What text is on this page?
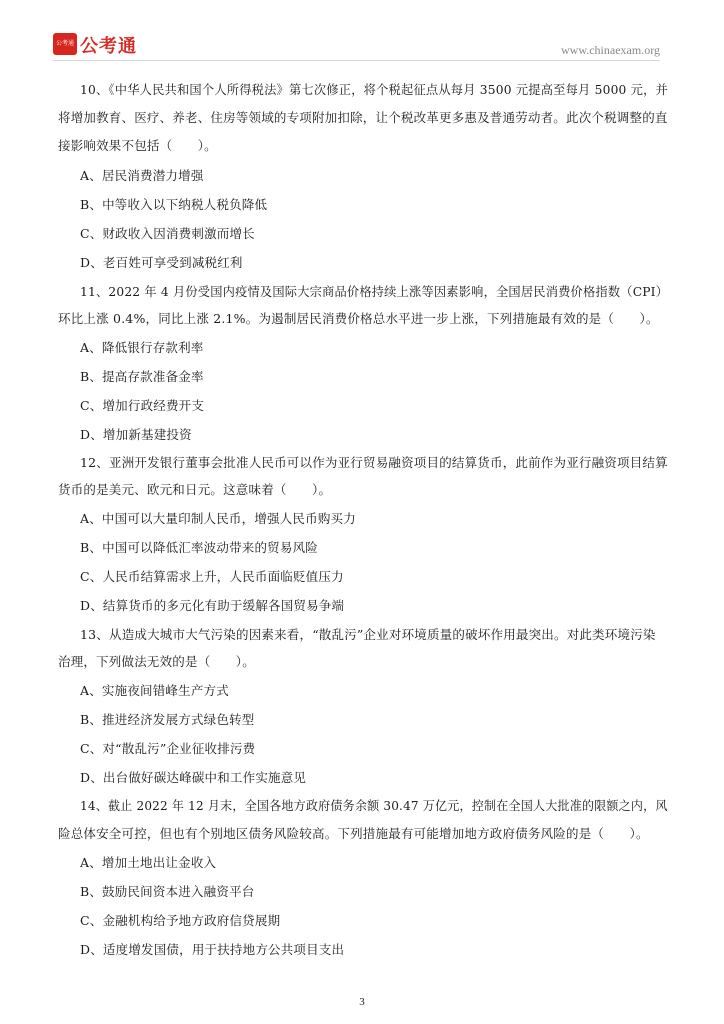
公考通 公考通	www.chinaexam.org
10、《中华人民共和国个人所得税法》第七次修正，将个税起征点从每月 3500 元提高至每月 5000 元，并
将增加教育、医疗、养老、住房等领域的专项附加扣除，让个税改革更多惠及普通劳动者。此次个税调整的直
接影响效果不包括（　　）。
A、居民消费潜力增强
B、中等收入以下纳税人税负降低
C、财政收入因消费刺激而增长
D、老百姓可享受到减税红利
11、2022 年 4 月份受国内疫情及国际大宗商品价格持续上涨等因素影响，全国居民消费价格指数（CPI）
环比上涨 0.4%，同比上涨 2.1%。为遏制居民消费价格总水平进一步上涨，下列措施最有效的是（　　）。
A、降低银行存款利率
B、提高存款准备金率
C、增加行政经费开支
D、增加新基建投资
12、亚洲开发银行董事会批准人民币可以作为亚行贸易融资项目的结算货币，此前作为亚行融资项目结算
货币的是美元、欧元和日元。这意味着（　　）。
A、中国可以大量印制人民币，增强人民币购买力
B、中国可以降低汇率波动带来的贸易风险
C、人民币结算需求上升，人民币面临贬值压力
D、结算货币的多元化有助于缓解各国贸易争端
13、从造成大城市大气污染的因素来看，“散乱污”企业对环境质量的破坏作用最突出。对此类环境污染
治理，下列做法无效的是（　　）。
A、实施夜间错峰生产方式
B、推进经济发展方式绿色转型
C、对“散乱污”企业征收排污费
D、出台做好碳达峰碳中和工作实施意见
14、截止 2022 年 12 月末，全国各地方政府债务余额 30.47 万亿元，控制在全国人大批准的限额之内，风
险总体安全可控，但也有个别地区债务风险较高。下列措施最有可能增加地方政府债务风险的是（　　）。
A、增加土地出让金收入
B、鼓励民间资本进入融资平台
C、金融机构给予地方政府信贷展期
D、适度增发国债，用于扶持地方公共项目支出
3
